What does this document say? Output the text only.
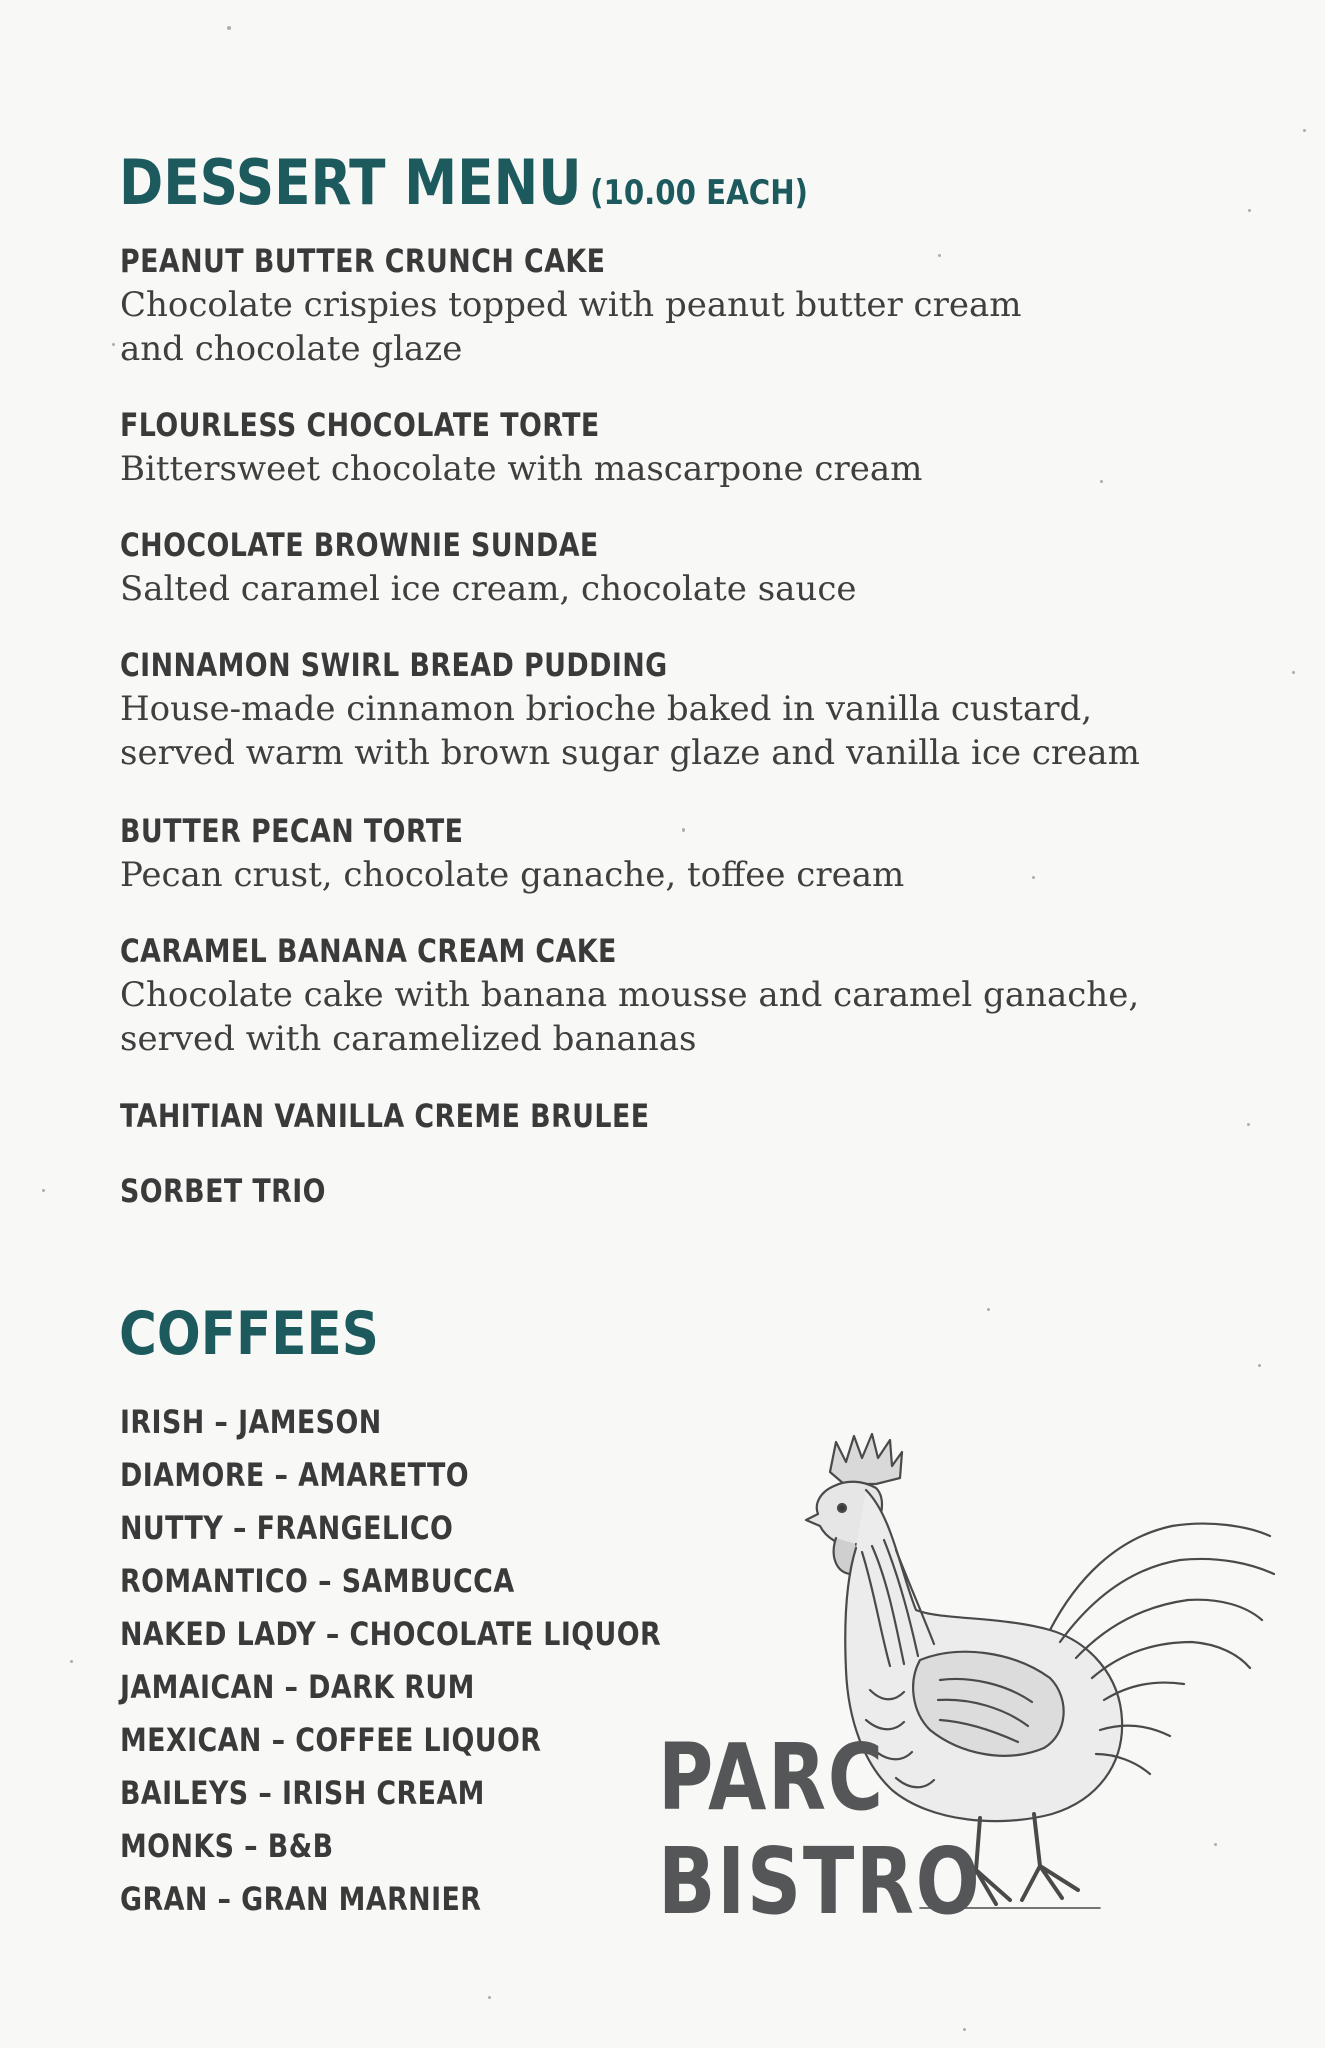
DESSERT MENU (10.00 EACH)
PEANUT BUTTER CRUNCH CAKE
Chocolate crispies topped with peanut butter cream
and chocolate glaze
FLOURLESS CHOCOLATE TORTE
Bittersweet chocolate with mascarpone cream
CHOCOLATE BROWNIE SUNDAE
Salted caramel ice cream, chocolate sauce
CINNAMON SWIRL BREAD PUDDING
House-made cinnamon brioche baked in vanilla custard,
served warm with brown sugar glaze and vanilla ice cream
BUTTER PECAN TORTE
Pecan crust, chocolate ganache, toffee cream
CARAMEL BANANA CREAM CAKE
Chocolate cake with banana mousse and caramel ganache,
served with caramelized bananas
TAHITIAN VANILLA CREME BRULEE
SORBET TRIO
COFFEES
IRISH – JAMESON
DIAMORE – AMARETTO
NUTTY – FRANGELICO
ROMANTICO – SAMBUCCA
NAKED LADY – CHOCOLATE LIQUOR
JAMAICAN – DARK RUM
MEXICAN – COFFEE LIQUOR
BAILEYS – IRISH CREAM
MONKS – B&B
GRAN – GRAN MARNIER
PARC
BISTRO
